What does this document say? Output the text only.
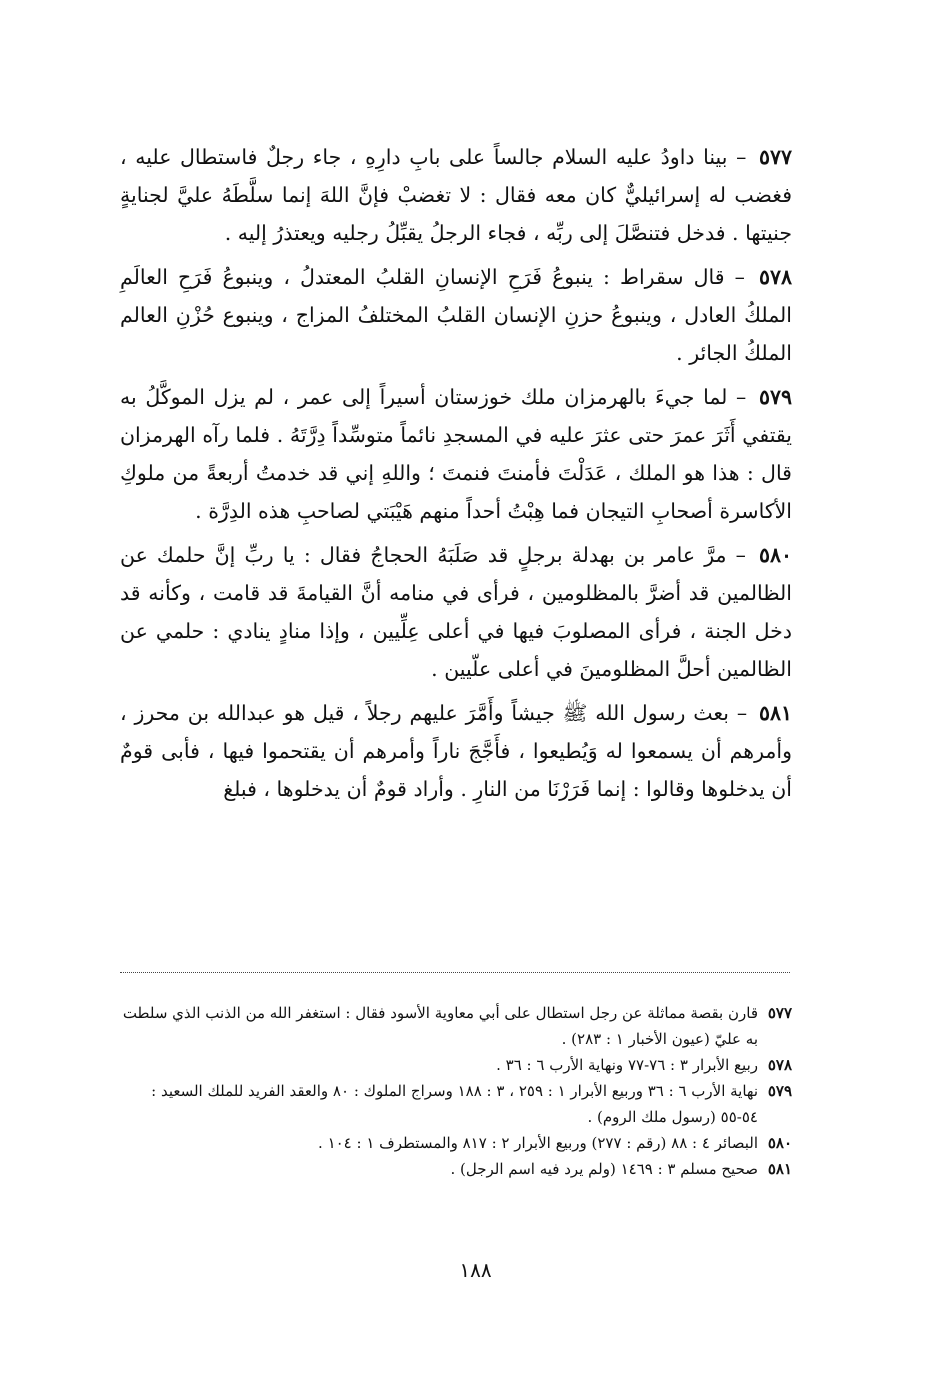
٥٧٧ – بينا داودُ عليه السلام جالساً على بابِ دارِهِ ، جاء رجلٌ فاستطال عليه ، فغضب له إسرائيليٌّ كان معه فقال : لا تغضبْ فإنَّ اللهَ إنما سلَّطَهُ عليَّ لجنايةٍ جنيتها . فدخل فتنصَّلَ إلى ربِّه ، فجاء الرجلُ يقبِّلُ رجليه ويعتذرُ إليه .

٥٧٨ – قال سقراط : ينبوعُ فَرَحِ الإنسانِ القلبُ المعتدلُ ، وينبوعُ فَرَحِ العالَمِ الملكُ العادل ، وينبوعُ حزنِ الإنسان القلبُ المختلفُ المزاج ، وينبوع حُزْنِ العالم الملكُ الجائر .

٥٧٩ – لما جيءَ بالهرمزان ملك خوزستان أسيراً إلى عمر ، لم يزل الموكَّلُ به يقتفي أَثَرَ عمرَ حتى عثرَ عليه في المسجدِ نائماً متوسِّداً دِرَّتَهُ . فلما رآه الهرمزان قال : هذا هو الملك ، عَدَلْتَ فأمنتَ فنمتَ ؛ واللهِ إني قد خدمتُ أربعةً من ملوكِ الأكاسرة أصحابِ التيجان فما هِبْتُ أحداً منهم هَيْبَتي لصاحبِ هذه الدِرَّة .

٥٨٠ – مرَّ عامر بن بهدلة برجلٍ قد صَلَبَهُ الحجاجُ فقال : يا ربِّ إنَّ حلمك عن الظالمين قد أضرَّ بالمظلومين ، فرأى في منامه أنَّ القيامةَ قد قامت ، وكأنه قد دخل الجنة ، فرأى المصلوبَ فيها في أعلى عِلِّيين ، وإذا منادٍ ينادي : حلمي عن الظالمين أحلَّ المظلومينَ في أعلى علّيين .

٥٨١ – بعث رسول الله ﷺ جيشاً وأَمَّرَ عليهم رجلاً ، قيل هو عبدالله بن محرز ، وأمرهم أن يسمعوا له وَيُطيعوا ، فأَجَّجَ ناراً وأمرهم أن يقتحموا فيها ، فأبى قومٌ أن يدخلوها وقالوا : إنما فَرَرْنَا من النارِ . وأراد قومٌ أن يدخلوها ، فبلغ

٥٧٧
قارن بقصة مماثلة عن رجل استطال على أبي معاوية الأسود فقال : استغفر الله من الذنب الذي سلطت به عليّ (عيون الأخبار ١ : ٢٨٣) .
٥٧٨
ربيع الأبرار ٣ : ٧٦-٧٧ ونهاية الأرب ٦ : ٣٦ .
٥٧٩
نهاية الأرب ٦ : ٣٦ وربيع الأبرار ١ : ٢٥٩ ، ٣ : ١٨٨ وسراج الملوك : ٨٠ والعقد الفريد للملك السعيد : ٥٤-٥٥ (رسول ملك الروم) .
٥٨٠
البصائر ٤ : ٨٨ (رقم : ٢٧٧) وربيع الأبرار ٢ : ٨١٧ والمستطرف ١ : ١٠٤ .
٥٨١
صحيح مسلم ٣ : ١٤٦٩ (ولم يرد فيه اسم الرجل) .
١٨٨
